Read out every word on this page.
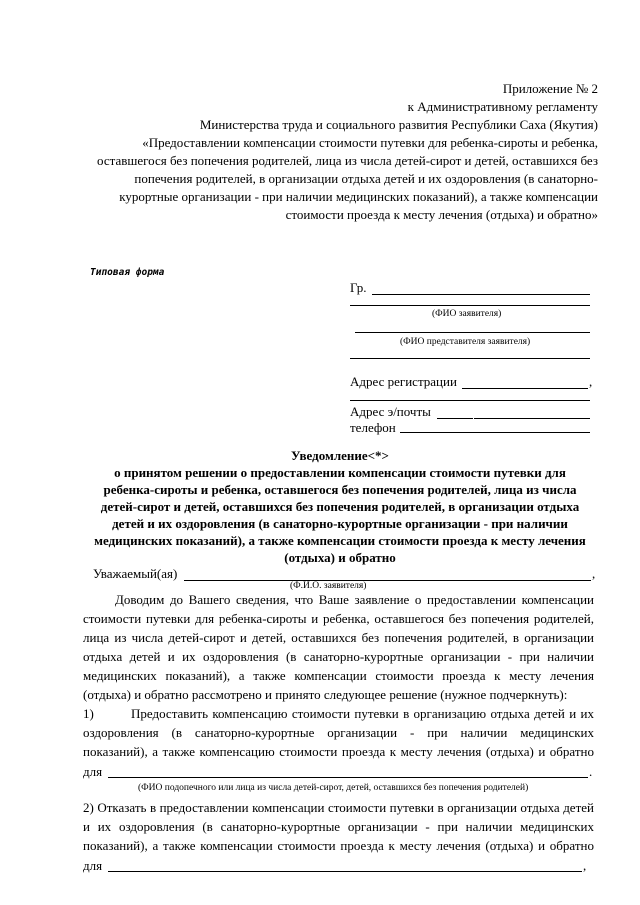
Приложение № 2
к Административному регламенту
Министерства труда и социального развития Республики Саха (Якутия)
«Предоставлении компенсации стоимости путевки для ребенка-сироты и ребенка,
оставшегося без попечения родителей, лица из числа детей-сирот и детей, оставшихся без
попечения родителей, в организации отдыха детей и их оздоровления (в санаторно-
курортные организации - при наличии медицинских показаний), а также компенсации
стоимости проезда к месту лечения (отдыха) и обратно»
Типовая форма
Гр.
(ФИО заявителя)
(ФИО представителя заявителя)
Адрес регистрации	,
Адрес э/почты
телефон
Уведомление<*>
о принятом решении о предоставлении компенсации стоимости путевки для
ребенка-сироты и ребенка, оставшегося без попечения родителей, лица из числа
детей-сирот и детей, оставшихся без попечения родителей, в организации отдыха
детей и их оздоровления (в санаторно-курортные организации - при наличии
медицинских показаний), а также компенсации стоимости проезда к месту лечения
(отдыха) и обратно
Уважаемый(ая)	,
(Ф.И.О. заявителя)
Доводим до Вашего сведения, что Ваше заявление о предоставлении компенсации
стоимости путевки для ребенка-сироты и ребенка, оставшегося без попечения родителей,
лица из числа детей-сирот и детей, оставшихся без попечения родителей, в организации
отдыха детей и их оздоровления (в санаторно-курортные организации - при наличии
медицинских показаний), а также компенсации стоимости проезда к месту лечения
(отдыха) и обратно рассмотрено и принято следующее решение (нужное подчеркнуть):
1)	Предоставить компенсацию стоимости путевки в организацию отдыха детей и их
оздоровления (в санаторно-курортные организации - при наличии медицинских
показаний), а также компенсацию стоимости проезда к месту лечения (отдыха) и обратно
для	.
(ФИО подопечного или лица из числа детей-сирот, детей, оставшихся без попечения родителей)
2) Отказать в предоставлении компенсации стоимости путевки в организации отдыха детей
и их оздоровления (в санаторно-курортные организации - при наличии медицинских
показаний), а также компенсации стоимости проезда к месту лечения (отдыха) и обратно
для	,
